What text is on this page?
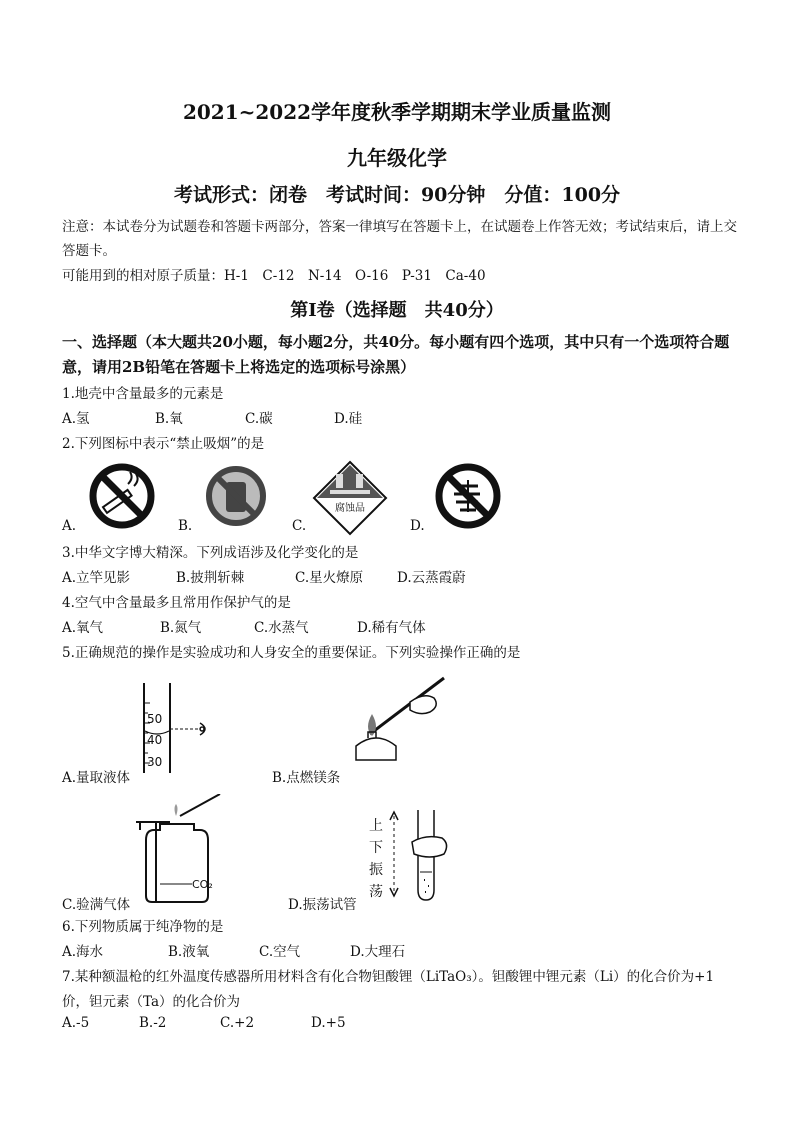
2021~2022学年度秋季学期期末学业质量监测
九年级化学
考试形式：闭卷　考试时间：90分钟　分值：100分
注意：本试卷分为试题卷和答题卡两部分，答案一律填写在答题卡上，在试题卷上作答无效；考试结束后，请上交答题卡。
可能用到的相对原子质量：H-1　C-12　N-14　O-16　P-31　Ca-40
第Ⅰ卷（选择题　共40分）
一、选择题（本大题共20小题，每小题2分，共40分。每小题有四个选项，其中只有一个选项符合题意，请用2B铅笔在答题卡上将选定的选项标号涂黑）
1.地壳中含量最多的元素是
A.氢	B.氧	C.碳	D.硅
2.下列图标中表示“禁止吸烟”的是
A.	B.	C.
腐蚀品
D.
3.中华文字博大精深。下列成语涉及化学变化的是
A.立竿见影	B.披荆斩棘	C.星火燎原	D.云蒸霞蔚
4.空气中含量最多且常用作保护气的是
A.氧气	B.氮气	C.水蒸气	D.稀有气体
5.正确规范的操作是实验成功和人身安全的重要保证。下列实验操作正确的是
50
40
30
A.量取液体	B.点燃镁条
CO₂
C.验满气体
上
下
振
荡
D.振荡试管
6.下列物质属于纯净物的是
A.海水	B.液氧	C.空气	D.大理石
7.某种额温枪的红外温度传感器所用材料含有化合物钽酸锂（LiTaO₃）。钽酸锂中锂元素（Li）的化合价为+1
价，钽元素（Ta）的化合价为
A.-5	B.-2	C.+2	D.+5
